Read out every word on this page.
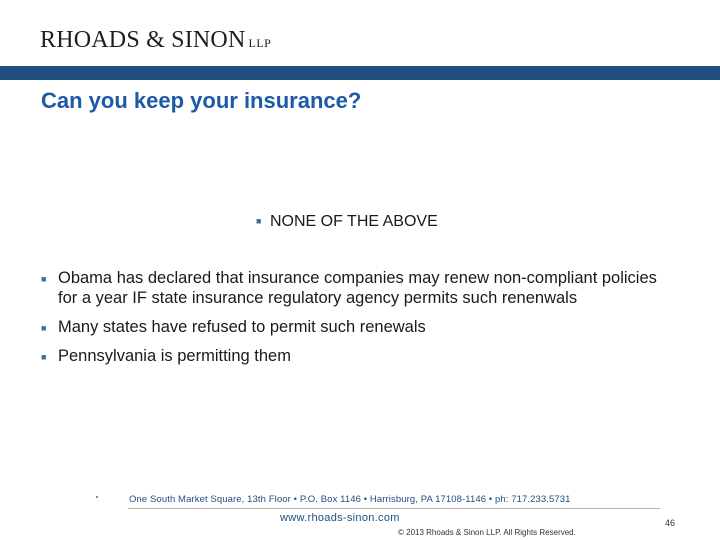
RHOADS & SINON LLP
Can you keep your insurance?
■ NONE OF THE ABOVE
■ Obama has declared that insurance companies may renew non-compliant policies for a year IF state insurance regulatory agency permits such renenwals
■ Many states have refused to permit such renewals
■ Pennsylvania is permitting them
One South Market Square, 13th Floor • P.O. Box 1146 • Harrisburg, PA 17108-1146 • ph: 717.233.5731
www.rhoads-sinon.com
© 2013 Rhoads & Sinon LLP. All Rights Reserved.
46
